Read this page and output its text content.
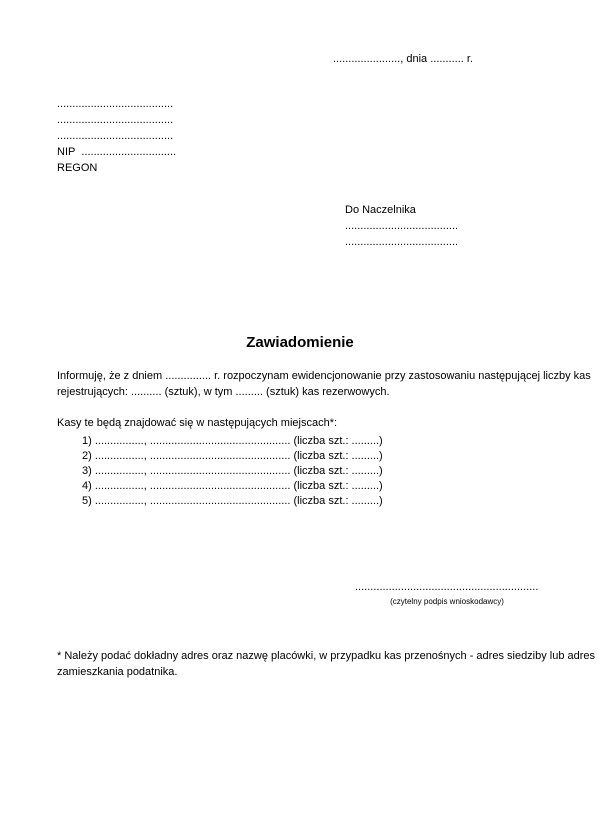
......................, dnia ........... r.
......................................
......................................
......................................
NIP ...............................
REGON
Do Naczelnika
.....................................
.....................................
Zawiadomienie
Informuję, że z dniem ............... r. rozpoczynam ewidencjonowanie przy zastosowaniu następującej liczby kas
rejestrujących: .......... (sztuk), w tym ......... (sztuk) kas rezerwowych.
Kasy te będą znajdować się w następujących miejscach*:
1) ................, .............................................. (liczba szt.: .........)
2) ................, .............................................. (liczba szt.: .........)
3) ................, .............................................. (liczba szt.: .........)
4) ................, .............................................. (liczba szt.: .........)
5) ................, .............................................. (liczba szt.: .........)
............................................................
(czytelny podpis wnioskodawcy)
* Należy podać dokładny adres oraz nazwę placówki, w przypadku kas przenośnych - adres siedziby lub adres
zamieszkania podatnika.
